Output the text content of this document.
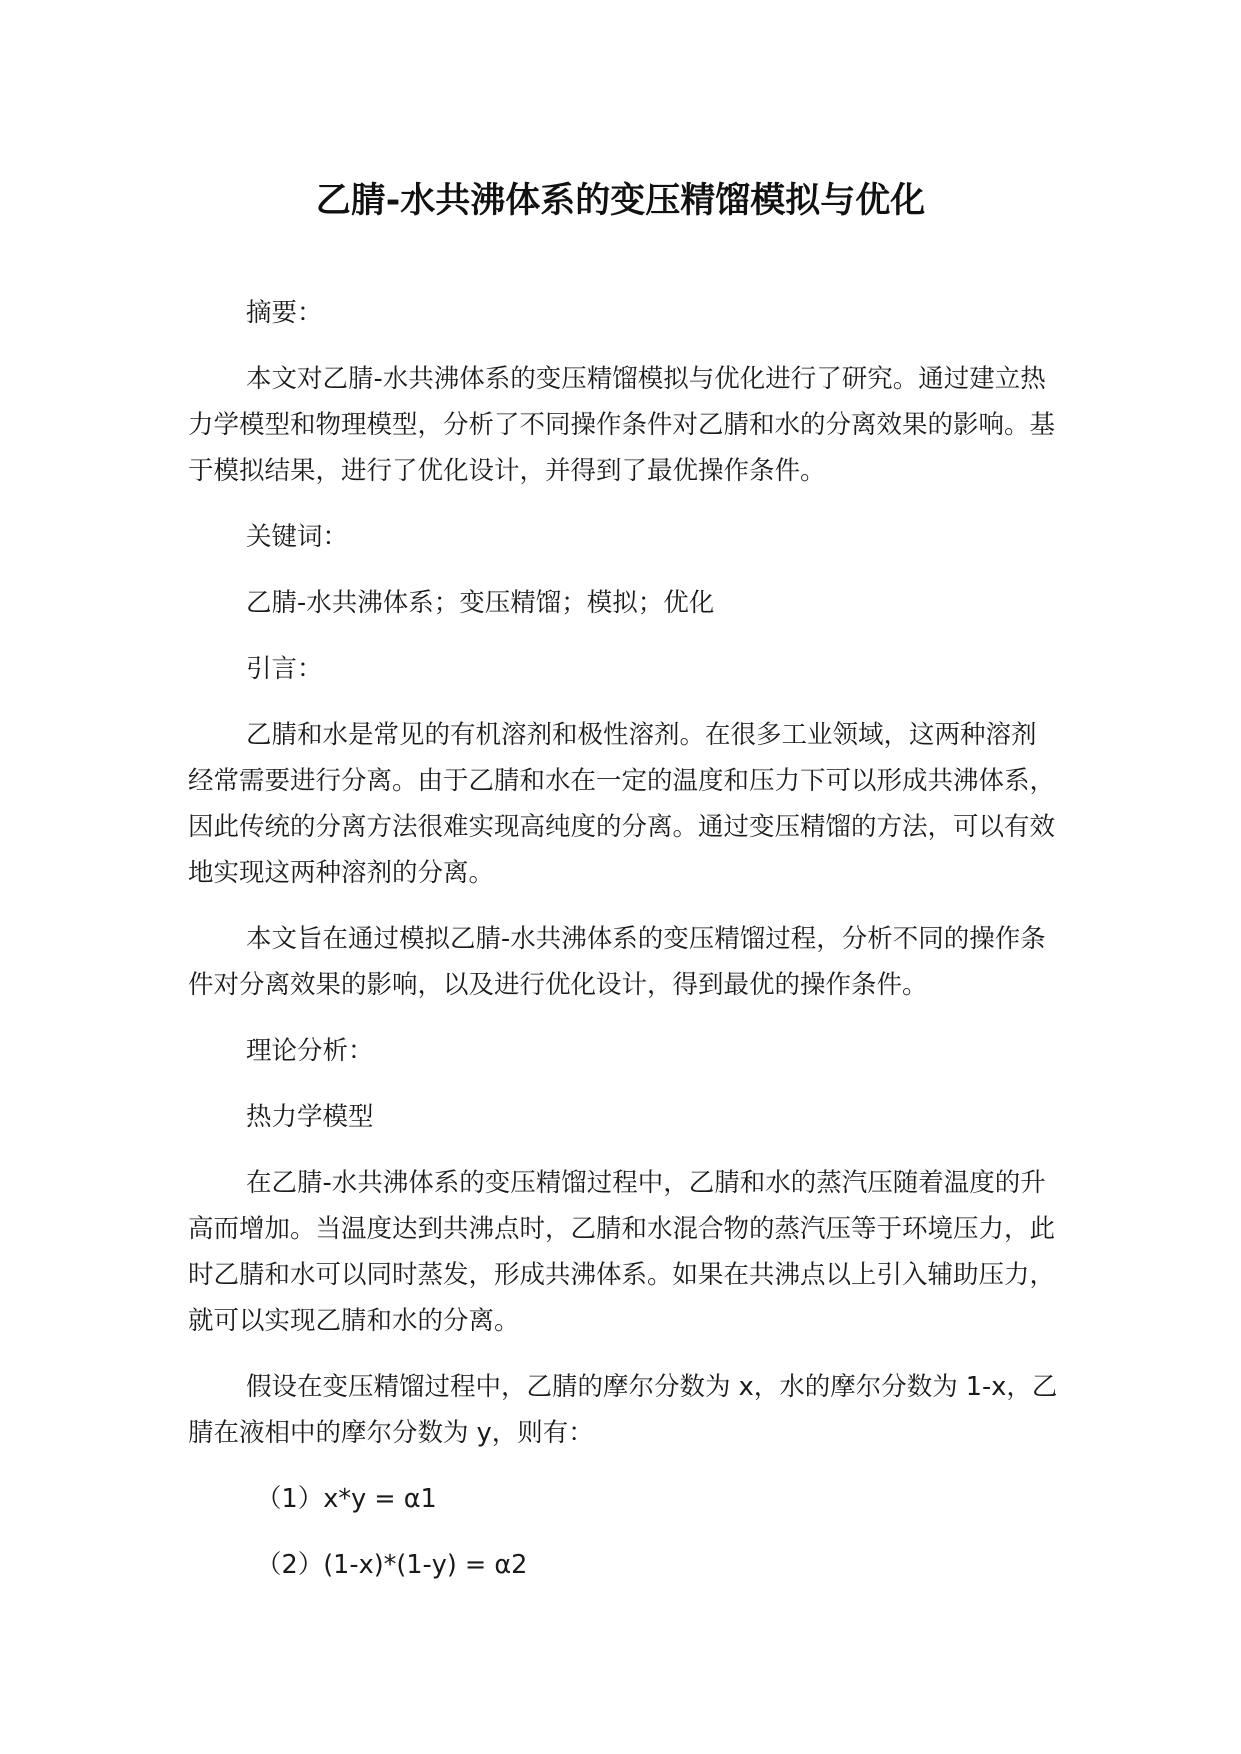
乙腈-水共沸体系的变压精馏模拟与优化

摘要：

本文对乙腈-水共沸体系的变压精馏模拟与优化进行了研究。通过建立热力学模型和物理模型，分析了不同操作条件对乙腈和水的分离效果的影响。基于模拟结果，进行了优化设计，并得到了最优操作条件。

关键词：

乙腈-水共沸体系；变压精馏；模拟；优化

引言：

乙腈和水是常见的有机溶剂和极性溶剂。在很多工业领域，这两种溶剂经常需要进行分离。由于乙腈和水在一定的温度和压力下可以形成共沸体系，因此传统的分离方法很难实现高纯度的分离。通过变压精馏的方法，可以有效地实现这两种溶剂的分离。

本文旨在通过模拟乙腈-水共沸体系的变压精馏过程，分析不同的操作条件对分离效果的影响，以及进行优化设计，得到最优的操作条件。

理论分析：

热力学模型

在乙腈-水共沸体系的变压精馏过程中，乙腈和水的蒸汽压随着温度的升高而增加。当温度达到共沸点时，乙腈和水混合物的蒸汽压等于环境压力，此时乙腈和水可以同时蒸发，形成共沸体系。如果在共沸点以上引入辅助压力，就可以实现乙腈和水的分离。

假设在变压精馏过程中，乙腈的摩尔分数为 x，水的摩尔分数为 1-x，乙腈在液相中的摩尔分数为 y，则有：

（1）x*y = α1

（2）(1-x)*(1-y) = α2
